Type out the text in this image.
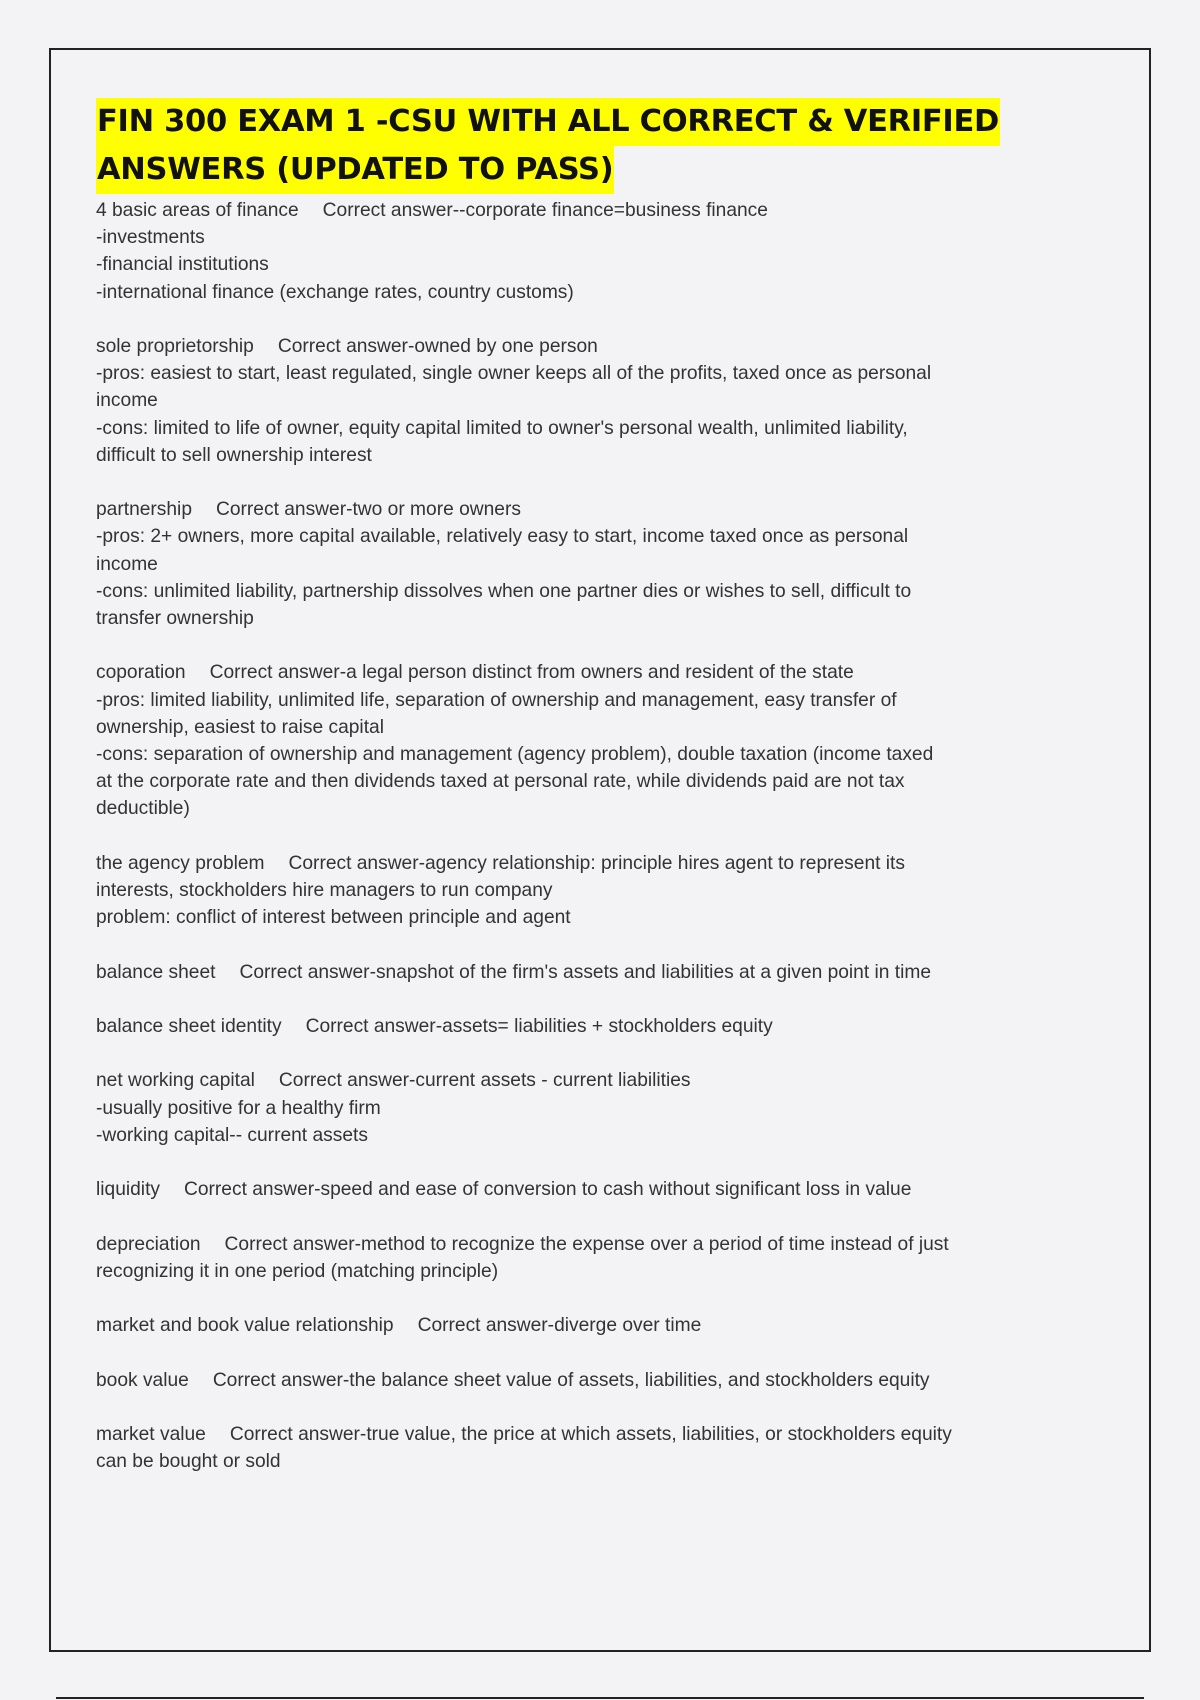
FIN 300 EXAM 1 -CSU WITH ALL CORRECT & VERIFIED
ANSWERS (UPDATED TO PASS)
4 basic areas of finance Correct answer--corporate finance=business finance
-investments
-financial institutions
-international finance (exchange rates, country customs)
sole proprietorship Correct answer-owned by one person
-pros: easiest to start, least regulated, single owner keeps all of the profits, taxed once as personal
income
-cons: limited to life of owner, equity capital limited to owner's personal wealth, unlimited liability,
difficult to sell ownership interest
partnership Correct answer-two or more owners
-pros: 2+ owners, more capital available, relatively easy to start, income taxed once as personal
income
-cons: unlimited liability, partnership dissolves when one partner dies or wishes to sell, difficult to
transfer ownership
coporation Correct answer-a legal person distinct from owners and resident of the state
-pros: limited liability, unlimited life, separation of ownership and management, easy transfer of
ownership, easiest to raise capital
-cons: separation of ownership and management (agency problem), double taxation (income taxed
at the corporate rate and then dividends taxed at personal rate, while dividends paid are not tax
deductible)
the agency problem Correct answer-agency relationship: principle hires agent to represent its
interests, stockholders hire managers to run company
problem: conflict of interest between principle and agent
balance sheet Correct answer-snapshot of the firm's assets and liabilities at a given point in time
balance sheet identity Correct answer-assets= liabilities + stockholders equity
net working capital Correct answer-current assets - current liabilities
-usually positive for a healthy firm
-working capital-- current assets
liquidity Correct answer-speed and ease of conversion to cash without significant loss in value
depreciation Correct answer-method to recognize the expense over a period of time instead of just
recognizing it in one period (matching principle)
market and book value relationship Correct answer-diverge over time
book value Correct answer-the balance sheet value of assets, liabilities, and stockholders equity
market value Correct answer-true value, the price at which assets, liabilities, or stockholders equity
can be bought or sold
